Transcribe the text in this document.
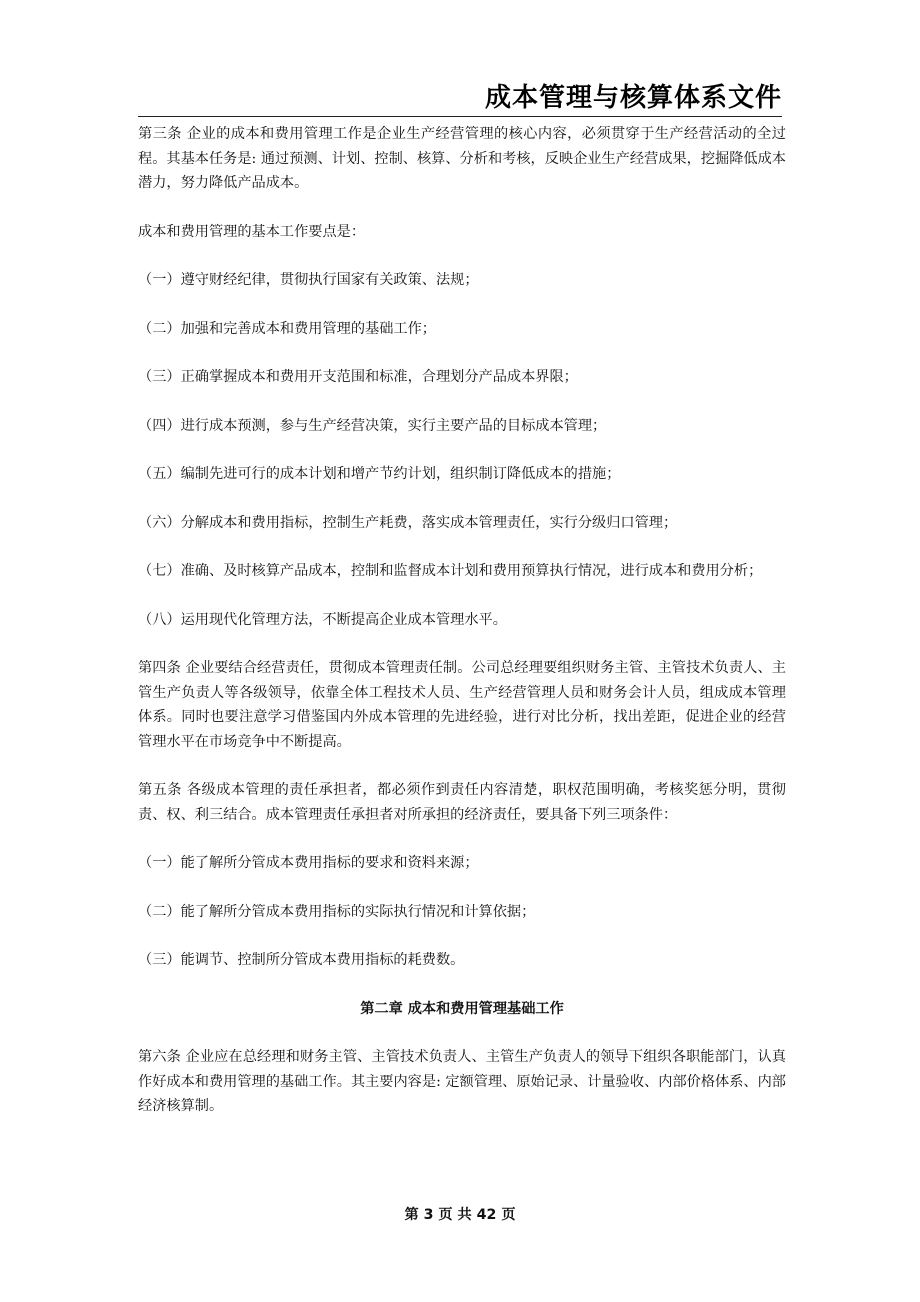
成本管理与核算体系文件

第三条 企业的成本和费用管理工作是企业生产经营管理的核心内容，必须贯穿于生产经营活动的全过程。其基本任务是: 通过预测、计划、控制、核算、分析和考核，反映企业生产经营成果，挖掘降低成本潜力，努力降低产品成本。

成本和费用管理的基本工作要点是：

（一）遵守财经纪律，贯彻执行国家有关政策、法规；

（二）加强和完善成本和费用管理的基础工作；

（三）正确掌握成本和费用开支范围和标准，合理划分产品成本界限；

（四）进行成本预测，参与生产经营决策，实行主要产品的目标成本管理；

（五）编制先进可行的成本计划和增产节约计划，组织制订降低成本的措施；

（六）分解成本和费用指标，控制生产耗费，落实成本管理责任，实行分级归口管理；

（七）准确、及时核算产品成本，控制和监督成本计划和费用预算执行情况，进行成本和费用分析；

（八）运用现代化管理方法，不断提高企业成本管理水平。

第四条 企业要结合经营责任，贯彻成本管理责任制。公司总经理要组织财务主管、主管技术负责人、主管生产负责人等各级领导，依靠全体工程技术人员、生产经营管理人员和财务会计人员，组成成本管理体系。同时也要注意学习借鉴国内外成本管理的先进经验，进行对比分析，找出差距，促进企业的经营管理水平在市场竞争中不断提高。

第五条 各级成本管理的责任承担者，都必须作到责任内容清楚，职权范围明确，考核奖惩分明，贯彻责、权、利三结合。成本管理责任承担者对所承担的经济责任，要具备下列三项条件：

（一）能了解所分管成本费用指标的要求和资料来源；

（二）能了解所分管成本费用指标的实际执行情况和计算依据；

（三）能调节、控制所分管成本费用指标的耗费数。

第二章 成本和费用管理基础工作

第六条 企业应在总经理和财务主管、主管技术负责人、主管生产负责人的领导下组织各职能部门，认真作好成本和费用管理的基础工作。其主要内容是: 定额管理、原始记录、计量验收、内部价格体系、内部经济核算制。

第 3 页 共 42 页
